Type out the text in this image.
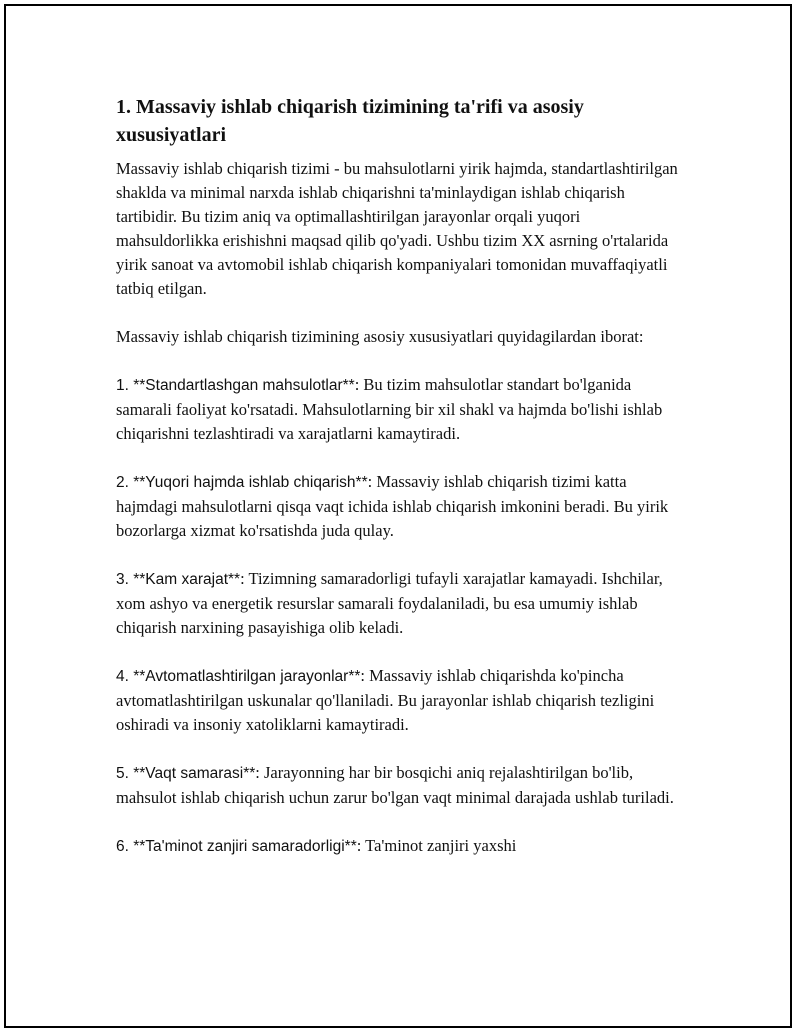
1. Massaviy ishlab chiqarish tizimining ta'rifi va asosiy xususiyatlari

Massaviy ishlab chiqarish tizimi - bu mahsulotlarni yirik hajmda, standartlashtirilgan shaklda va minimal narxda ishlab chiqarishni ta'minlaydigan ishlab chiqarish tartibidir. Bu tizim aniq va optimallashtirilgan jarayonlar orqali yuqori mahsuldorlikka erishishni maqsad qilib qo'yadi. Ushbu tizim XX asrning o'rtalarida yirik sanoat va avtomobil ishlab chiqarish kompaniyalari tomonidan muvaffaqiyatli tatbiq etilgan.

Massaviy ishlab chiqarish tizimining asosiy xususiyatlari quyidagilardan iborat:

1. **Standartlashgan mahsulotlar**: Bu tizim mahsulotlar standart bo'lganida samarali faoliyat ko'rsatadi. Mahsulotlarning bir xil shakl va hajmda bo'lishi ishlab chiqarishni tezlashtiradi va xarajatlarni kamaytiradi.

2. **Yuqori hajmda ishlab chiqarish**: Massaviy ishlab chiqarish tizimi katta hajmdagi mahsulotlarni qisqa vaqt ichida ishlab chiqarish imkonini beradi. Bu yirik bozorlarga xizmat ko'rsatishda juda qulay.

3. **Kam xarajat**: Tizimning samaradorligi tufayli xarajatlar kamayadi. Ishchilar, xom ashyo va energetik resurslar samarali foydalaniladi, bu esa umumiy ishlab chiqarish narxining pasayishiga olib keladi.

4. **Avtomatlashtirilgan jarayonlar**: Massaviy ishlab chiqarishda ko'pincha avtomatlashtirilgan uskunalar qo'llaniladi. Bu jarayonlar ishlab chiqarish tezligini oshiradi va insoniy xatoliklarni kamaytiradi.

5. **Vaqt samarasi**: Jarayonning har bir bosqichi aniq rejalashtirilgan bo'lib, mahsulot ishlab chiqarish uchun zarur bo'lgan vaqt minimal darajada ushlab turiladi.

6. **Ta'minot zanjiri samaradorligi**: Ta'minot zanjiri yaxshi
